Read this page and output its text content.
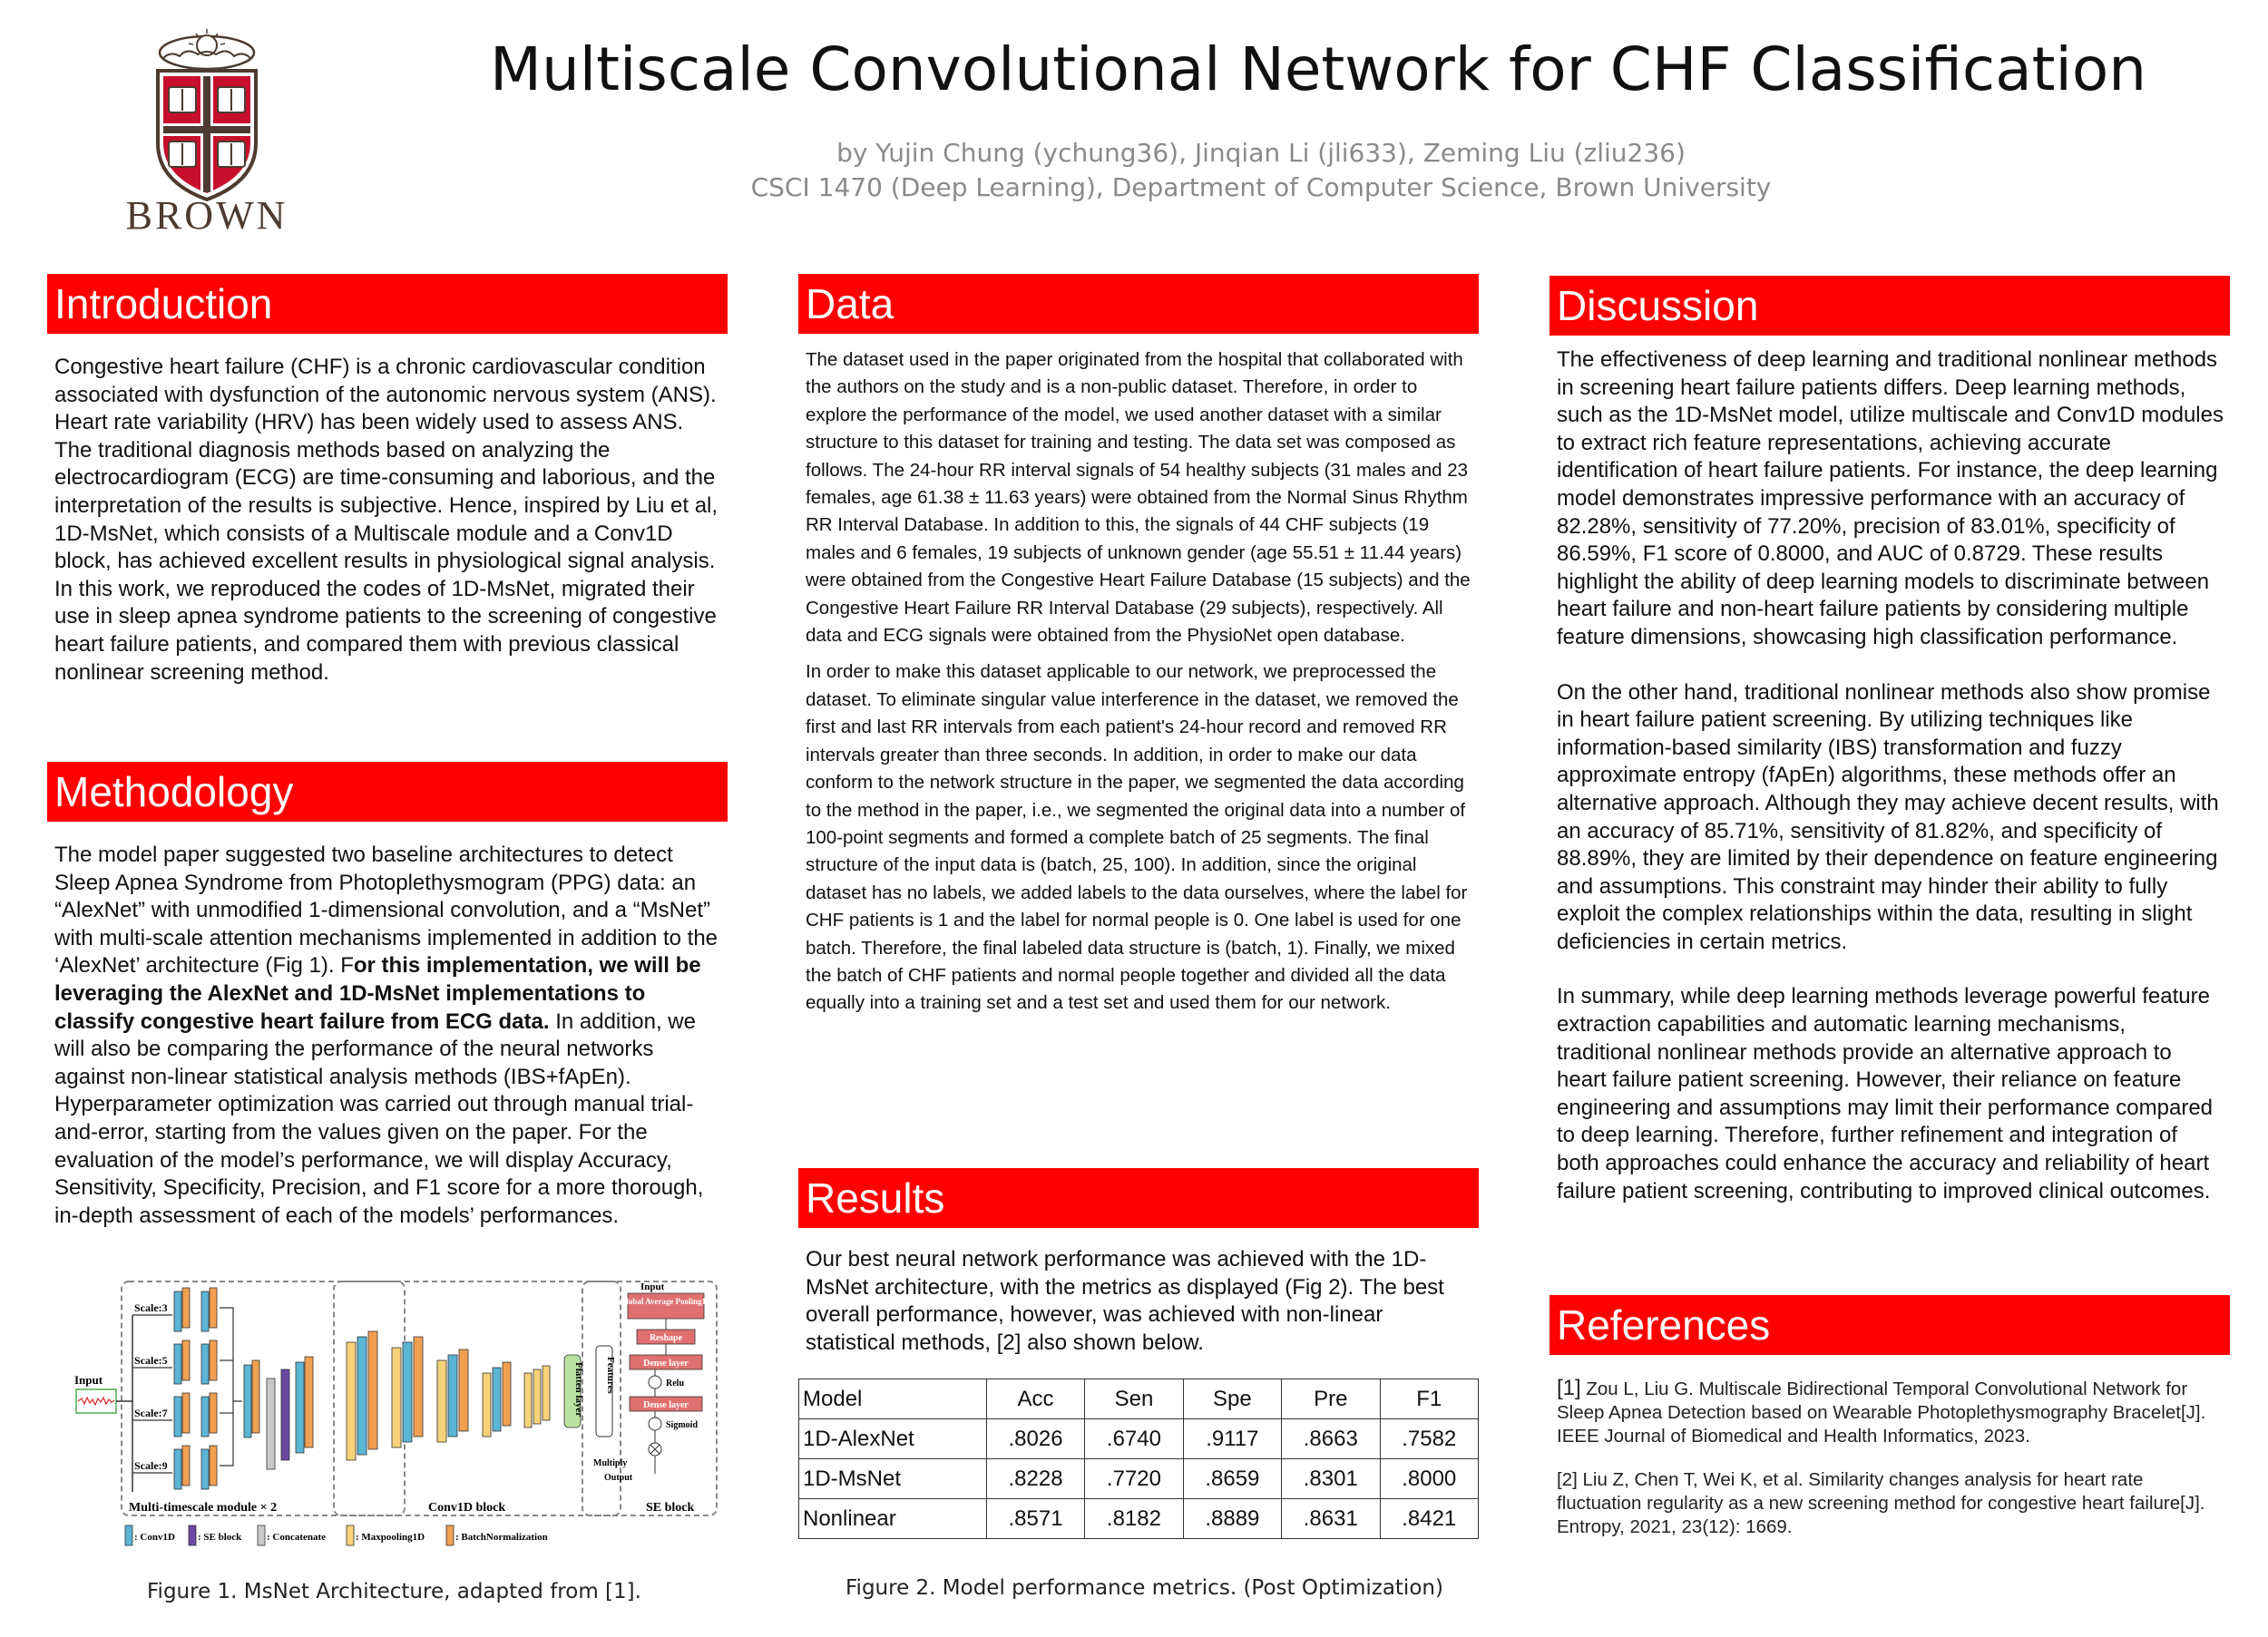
BROWN
Multiscale Convolutional Network for CHF Classification
by Yujin Chung (ychung36), Jinqian Li (jli633), Zeming Liu (zliu236)
CSCI 1470 (Deep Learning), Department of Computer Science, Brown University
Introduction

Congestive heart failure (CHF) is a chronic cardiovascular condition associated with dysfunction of the autonomic nervous system (ANS). Heart rate variability (HRV) has been widely used to assess ANS. The traditional diagnosis methods based on analyzing the electrocardiogram (ECG) are time-consuming and laborious, and the interpretation of the results is subjective. Hence, inspired by Liu et al, 1D-MsNet, which consists of a Multiscale module and a Conv1D block, has achieved excellent results in physiological signal analysis. In this work, we reproduced the codes of 1D-MsNet, migrated their use in sleep apnea syndrome patients to the screening of congestive heart failure patients, and compared them with previous classical nonlinear screening method.

Methodology

The model paper suggested two baseline architectures to detect Sleep Apnea Syndrome from Photoplethysmogram (PPG) data: an “AlexNet” with unmodified 1-dimensional convolution, and a “MsNet” with multi-scale attention mechanisms implemented in addition to the ‘AlexNet’ architecture (Fig 1). For this implementation, we will be leveraging the AlexNet and 1D-MsNet implementations to classify congestive heart failure from ECG data. In addition, we will also be comparing the performance of the neural networks against non-linear statistical analysis methods (IBS+fApEn). Hyperparameter optimization was carried out through manual trial-and-error, starting from the values given on the paper. For the evaluation of the model’s performance, we will display Accuracy, Sensitivity, Specificity, Precision, and F1 score for a more thorough, in-depth assessment of each of the models’ performances.

Input
Scale:3
Scale:5
Scale:7
Scale:9
Flatten layer Features
Input
Global Average Pooling1D
Reshape
Dense layer
Relu
Dense layer
Sigmoid
Multiply
Output
Multi-timescale module × 2	Conv1D block	SE block
: Conv1D : SE block	: Concatenate	: Maxpooling1D	: BatchNormalization
Figure 1. MsNet Architecture, adapted from [1].
Data

The dataset used in the paper originated from the hospital that collaborated with the authors on the study and is a non-public dataset. Therefore, in order to explore the performance of the model, we used another dataset with a similar structure to this dataset for training and testing. The data set was composed as follows. The 24-hour RR interval signals of 54 healthy subjects (31 males and 23 females, age 61.38 ± 11.63 years) were obtained from the Normal Sinus Rhythm RR Interval Database. In addition to this, the signals of 44 CHF subjects (19 males and 6 females, 19 subjects of unknown gender (age 55.51 ± 11.44 years) were obtained from the Congestive Heart Failure Database (15 subjects) and the Congestive Heart Failure RR Interval Database (29 subjects), respectively. All data and ECG signals were obtained from the PhysioNet open database.

In order to make this dataset applicable to our network, we preprocessed the dataset. To eliminate singular value interference in the dataset, we removed the first and last RR intervals from each patient's 24-hour record and removed RR intervals greater than three seconds. In addition, in order to make our data conform to the network structure in the paper, we segmented the data according to the method in the paper, i.e., we segmented the original data into a number of 100-point segments and formed a complete batch of 25 segments. The final structure of the input data is (batch, 25, 100). In addition, since the original dataset has no labels, we added labels to the data ourselves, where the label for CHF patients is 1 and the label for normal people is 0. One label is used for one batch. Therefore, the final labeled data structure is (batch, 1). Finally, we mixed the batch of CHF patients and normal people together and divided all the data equally into a training set and a test set and used them for our network.

Results

Our best neural network performance was achieved with the 1D-MsNet architecture, with the metrics as displayed (Fig 2). The best overall performance, however, was achieved with non-linear statistical methods, [2] also shown below.

Model	Acc	Sen	Spe	Pre	F1
1D-AlexNet	.8026	.6740	.9117	.8663	.7582
1D-MsNet	.8228	.7720	.8659	.8301	.8000
Nonlinear	.8571	.8182	.8889	.8631	.8421
Figure 2. Model performance metrics. (Post Optimization)
Discussion

The effectiveness of deep learning and traditional nonlinear methods in screening heart failure patients differs. Deep learning methods, such as the 1D-MsNet model, utilize multiscale and Conv1D modules to extract rich feature representations, achieving accurate identification of heart failure patients. For instance, the deep learning model demonstrates impressive performance with an accuracy of 82.28%, sensitivity of 77.20%, precision of 83.01%, specificity of 86.59%, F1 score of 0.8000, and AUC of 0.8729. These results highlight the ability of deep learning models to discriminate between heart failure and non-heart failure patients by considering multiple feature dimensions, showcasing high classification performance.

On the other hand, traditional nonlinear methods also show promise in heart failure patient screening. By utilizing techniques like information-based similarity (IBS) transformation and fuzzy approximate entropy (fApEn) algorithms, these methods offer an alternative approach. Although they may achieve decent results, with an accuracy of 85.71%, sensitivity of 81.82%, and specificity of 88.89%, they are limited by their dependence on feature engineering and assumptions. This constraint may hinder their ability to fully exploit the complex relationships within the data, resulting in slight deficiencies in certain metrics.

In summary, while deep learning methods leverage powerful feature extraction capabilities and automatic learning mechanisms, traditional nonlinear methods provide an alternative approach to heart failure patient screening. However, their reliance on feature engineering and assumptions may limit their performance compared to deep learning. Therefore, further refinement and integration of both approaches could enhance the accuracy and reliability of heart failure patient screening, contributing to improved clinical outcomes.

References

[1] Zou L, Liu G. Multiscale Bidirectional Temporal Convolutional Network for Sleep Apnea Detection based on Wearable Photoplethysmography Bracelet[J]. IEEE Journal of Biomedical and Health Informatics, 2023.

[2] Liu Z, Chen T, Wei K, et al. Similarity changes analysis for heart rate fluctuation regularity as a new screening method for congestive heart failure[J]. Entropy, 2021, 23(12): 1669.
